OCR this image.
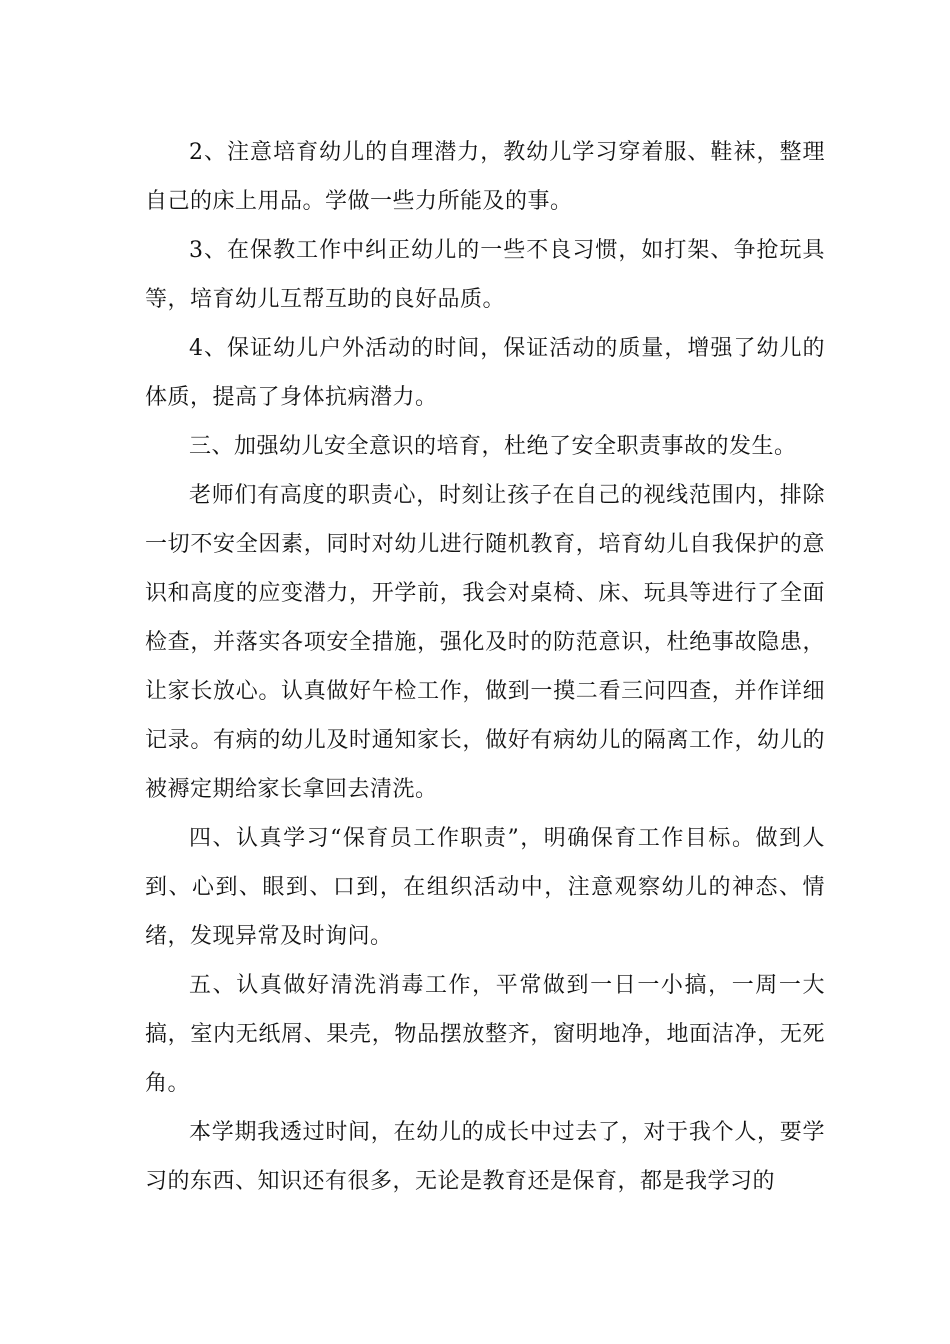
2、注意培育幼儿的自理潜力，教幼儿学习穿着服、鞋袜，整理自己的床上用品。学做一些力所能及的事。

3、在保教工作中纠正幼儿的一些不良习惯，如打架、争抢玩具等，培育幼儿互帮互助的良好品质。

4、保证幼儿户外活动的时间，保证活动的质量，增强了幼儿的体质，提高了身体抗病潜力。

三、加强幼儿安全意识的培育，杜绝了安全职责事故的发生。

老师们有高度的职责心，时刻让孩子在自己的视线范围内，排除一切不安全因素，同时对幼儿进行随机教育，培育幼儿自我保护的意识和高度的应变潜力，开学前，我会对桌椅、床、玩具等进行了全面检查，并落实各项安全措施，强化及时的防范意识，杜绝事故隐患，让家长放心。认真做好午检工作，做到一摸二看三问四查，并作详细记录。有病的幼儿及时通知家长，做好有病幼儿的隔离工作，幼儿的被褥定期给家长拿回去清洗。

四、认真学习“保育员工作职责”，明确保育工作目标。做到人到、心到、眼到、口到，在组织活动中，注意观察幼儿的神态、情绪，发现异常及时询问。

五、认真做好清洗消毒工作，平常做到一日一小搞，一周一大搞，室内无纸屑、果壳，物品摆放整齐，窗明地净，地面洁净，无死角。

本学期我透过时间，在幼儿的成长中过去了，对于我个人，要学习的东西、知识还有很多，无论是教育还是保育，都是我学习的
